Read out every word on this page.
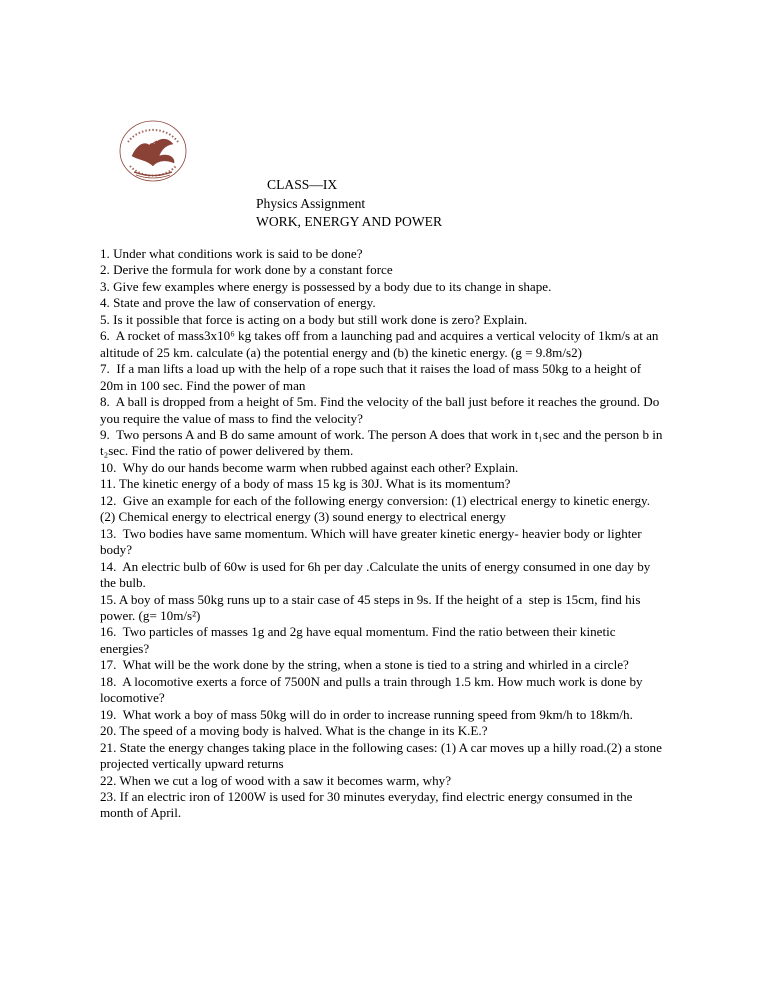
CLASS—IX
Physics Assignment
WORK, ENERGY AND POWER

1. Under what conditions work is said to be done?

2. Derive the formula for work done by a constant force

3. Give few examples where energy is possessed by a body due to its change in shape.

4. State and prove the law of conservation of energy.

5. Is it possible that force is acting on a body but still work done is zero? Explain.

6.  A rocket of mass3x10⁶ kg takes off from a launching pad and acquires a vertical velocity of 1km/s at an altitude of 25 km. calculate (a) the potential energy and (b) the kinetic energy. (g = 9.8m/s2)

7.  If a man lifts a load up with the help of a rope such that it raises the load of mass 50kg to a height of 20m in 100 sec. Find the power of man

8.  A ball is dropped from a height of 5m. Find the velocity of the ball just before it reaches the ground. Do you require the value of mass to find the velocity?

9.  Two persons A and B do same amount of work. The person A does that work in t₁sec and the person b in t₂sec. Find the ratio of power delivered by them.

10.  Why do our hands become warm when rubbed against each other? Explain.

11. The kinetic energy of a body of mass 15 kg is 30J. What is its momentum?

12.  Give an example for each of the following energy conversion: (1) electrical energy to kinetic energy. (2) Chemical energy to electrical energy (3) sound energy to electrical energy

13.  Two bodies have same momentum. Which will have greater kinetic energy- heavier body or lighter body?

14.  An electric bulb of 60w is used for 6h per day .Calculate the units of energy consumed in one day by the bulb.

15. A boy of mass 50kg runs up to a stair case of 45 steps in 9s. If the height of a  step is 15cm, find his power. (g= 10m/s²)

16.  Two particles of masses 1g and 2g have equal momentum. Find the ratio between their kinetic energies?

17.  What will be the work done by the string, when a stone is tied to a string and whirled in a circle?

18.  A locomotive exerts a force of 7500N and pulls a train through 1.5 km. How much work is done by locomotive?

19.  What work a boy of mass 50kg will do in order to increase running speed from 9km/h to 18km/h.

20. The speed of a moving body is halved. What is the change in its K.E.?

21. State the energy changes taking place in the following cases: (1) A car moves up a hilly road.(2) a stone projected vertically upward returns

22. When we cut a log of wood with a saw it becomes warm, why?

23. If an electric iron of 1200W is used for 30 minutes everyday, find electric energy consumed in the month of April.
